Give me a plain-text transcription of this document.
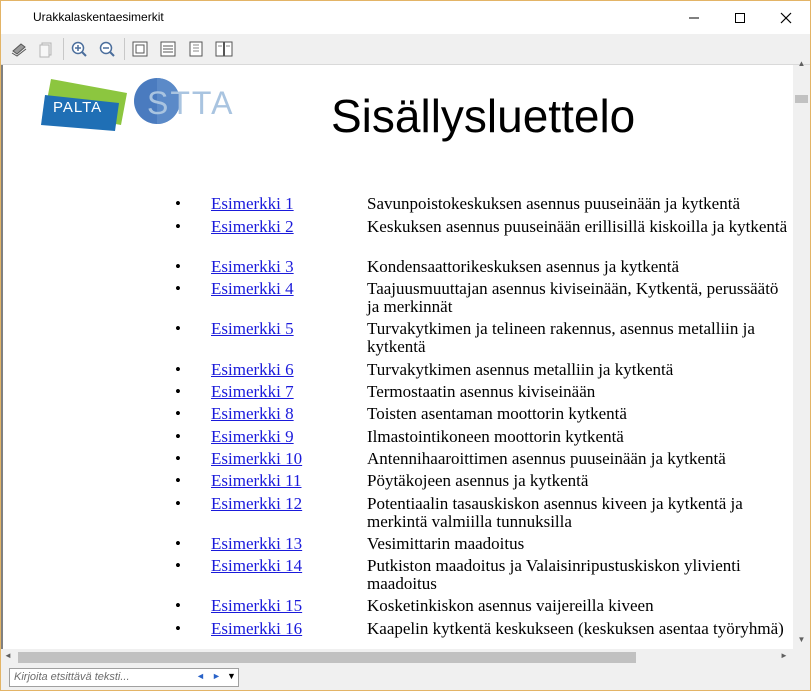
Urakkalaskentaesimerkit
PALTA STTA Sisällysluettelo
• Esimerkki 1	Savunpoistokeskuksen asennus puuseinään ja kytkentä
• Esimerkki 2	Keskuksen asennus puuseinään erillisillä kiskoilla ja kytkentä
• Esimerkki 3	Kondensaattorikeskuksen asennus ja kytkentä
• Esimerkki 4	Taajuusmuuttajan asennus kiviseinään, Kytkentä, perussäätö ja merkinnät
• Esimerkki 5	Turvakytkimen ja telineen rakennus, asennus metalliin ja kytkentä
• Esimerkki 6	Turvakytkimen asennus metalliin ja kytkentä
• Esimerkki 7	Termostaatin asennus kiviseinään
• Esimerkki 8	Toisten asentaman moottorin kytkentä
• Esimerkki 9	Ilmastointikoneen moottorin kytkentä
• Esimerkki 10	Antennihaaroittimen asennus puuseinään ja kytkentä
• Esimerkki 11	Pöytäkojeen asennus ja kytkentä
• Esimerkki 12	Potentiaalin tasauskiskon asennus kiveen ja kytkentä ja merkintä valmiilla tunnuksilla
• Esimerkki 13	Vesimittarin maadoitus
• Esimerkki 14	Putkiston maadoitus ja Valaisinripustuskiskon ylivienti maadoitus
• Esimerkki 15	Kosketinkiskon asennus vaijereilla kiveen
• Esimerkki 16	Kaapelin kytkentä keskukseen (keskuksen asentaa työryhmä)
▲
▼
◄	►
Kirjoita etsittävä teksti...	◄ ► ▼
